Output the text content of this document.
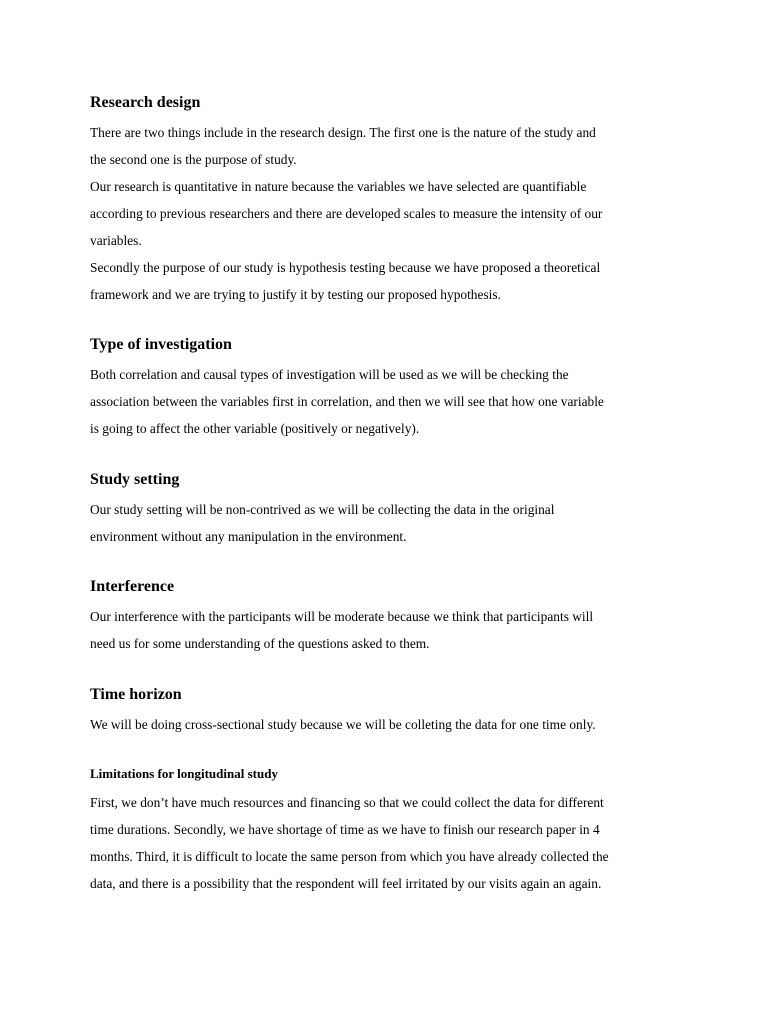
Research design

There are two things include in the research design. The first one is the nature of the study and

the second one is the purpose of study.

Our research is quantitative in nature because the variables we have selected are quantifiable

according to previous researchers and there are developed scales to measure the intensity of our

variables.

Secondly the purpose of our study is hypothesis testing because we have proposed a theoretical

framework and we are trying to justify it by testing our proposed hypothesis.

Type of investigation

Both correlation and causal types of investigation will be used as we will be checking the

association between the variables first in correlation, and then we will see that how one variable

is going to affect the other variable (positively or negatively).

Study setting

Our study setting will be non-contrived as we will be collecting the data in the original

environment without any manipulation in the environment.

Interference

Our interference with the participants will be moderate because we think that participants will

need us for some understanding of the questions asked to them.

Time horizon

We will be doing cross-sectional study because we will be colleting the data for one time only.

Limitations for longitudinal study

First, we don’t have much resources and financing so that we could collect the data for different

time durations. Secondly, we have shortage of time as we have to finish our research paper in 4

months. Third, it is difficult to locate the same person from which you have already collected the

data, and there is a possibility that the respondent will feel irritated by our visits again an again.
